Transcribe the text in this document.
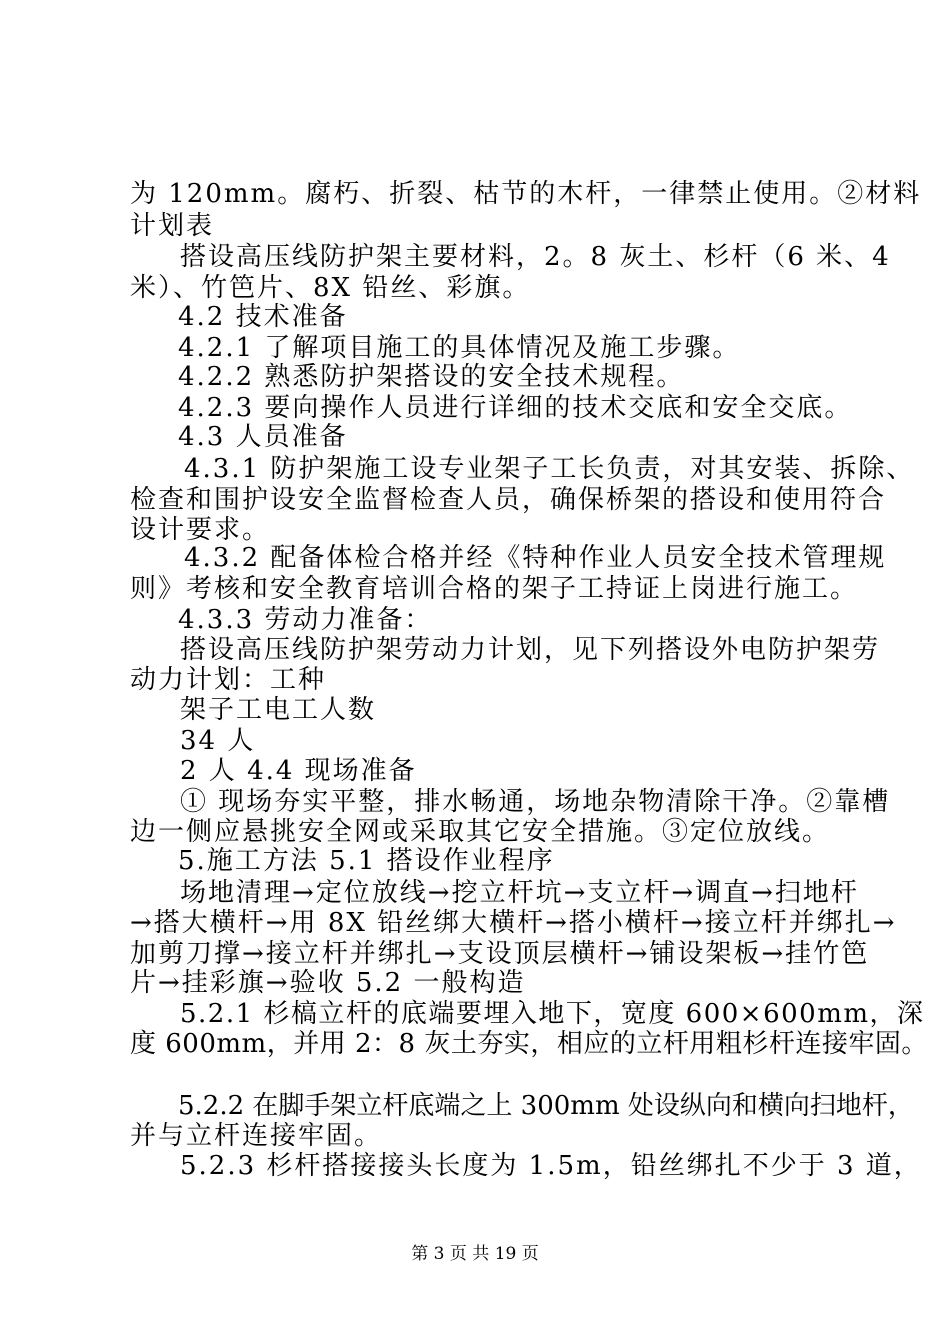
为 120mm。腐朽、折裂、枯节的木杆，一律禁止使用。②材料
计划表
搭设高压线防护架主要材料，2。8 灰土、杉杆（6 米、4
米）、竹笆片、8X 铅丝、彩旗。
4.2 技术准备
4.2.1 了解项目施工的具体情况及施工步骤。
4.2.2 熟悉防护架搭设的安全技术规程。
4.2.3 要向操作人员进行详细的技术交底和安全交底。
4.3 人员准备
4.3.1 防护架施工设专业架子工长负责，对其安装、拆除、
检查和围护设安全监督检查人员，确保桥架的搭设和使用符合
设计要求。
4.3.2 配备体检合格并经《特种作业人员安全技术管理规
则》考核和安全教育培训合格的架子工持证上岗进行施工。
4.3.3 劳动力准备：
搭设高压线防护架劳动力计划，见下列搭设外电防护架劳
动力计划：工种
架子工电工人数
34 人
2 人 4.4 现场准备
① 现场夯实平整，排水畅通，场地杂物清除干净。②靠槽
边一侧应悬挑安全网或采取其它安全措施。③定位放线。
5.施工方法 5.1 搭设作业程序
场地清理→定位放线→挖立杆坑→支立杆→调直→扫地杆
→搭大横杆→用 8X 铅丝绑大横杆→搭小横杆→接立杆并绑扎→
加剪刀撑→接立杆并绑扎→支设顶层横杆→铺设架板→挂竹笆
片→挂彩旗→验收 5.2 一般构造
5.2.1 杉槁立杆的底端要埋入地下，宽度 600×600mm，深
度 600mm，并用 2：8 灰土夯实，相应的立杆用粗杉杆连接牢固。
5.2.2 在脚手架立杆底端之上 300mm 处设纵向和横向扫地杆，
并与立杆连接牢固。
5.2.3 杉杆搭接接头长度为 1.5m，铅丝绑扎不少于 3 道，
第 3 页 共 19 页
